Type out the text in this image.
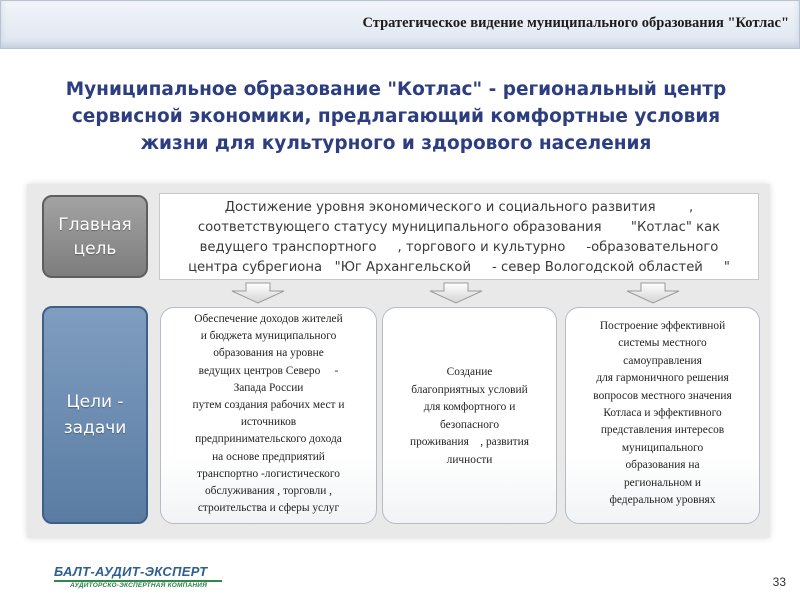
Стратегическое видение муниципального образования "Котлас"
Муниципальное образование "Котлас" - региональный центр
сервисной экономики, предлагающий комфортные условия
жизни для культурного и здорового населения
Главная
цель
Достижение уровня экономического и социального развития        ,
соответствующего статусу муниципального образования       "Котлас" как
ведущего транспортного     , торгового и культурно     -образовательного
центра субрегиона   "Юг Архангельской     - север Вологодской областей     "
Цели -
задачи
Обеспечение доходов жителей
и бюджета муниципального
образования на уровне
ведущих центров Северо     -
Запада России
путем создания рабочих мест и
источников
предпринимательского дохода
на основе предприятий
транспортно -логистического
обслуживания , торговли ,
строительства и сферы услуг
Создание
благоприятных условий
для комфортного и
безопасного
проживания    , развития
личности
Построение эффективной
системы местного
самоуправления
для гармоничного решения
вопросов местного значения
Котласа и эффективного
представления интересов
муниципального
образования на
региональном и
федеральном уровнях
БАЛТ-АУДИТ-ЭКСПЕРТ
АУДИТОРСКО-ЭКСПЕРТНАЯ КОМПАНИЯ	33
